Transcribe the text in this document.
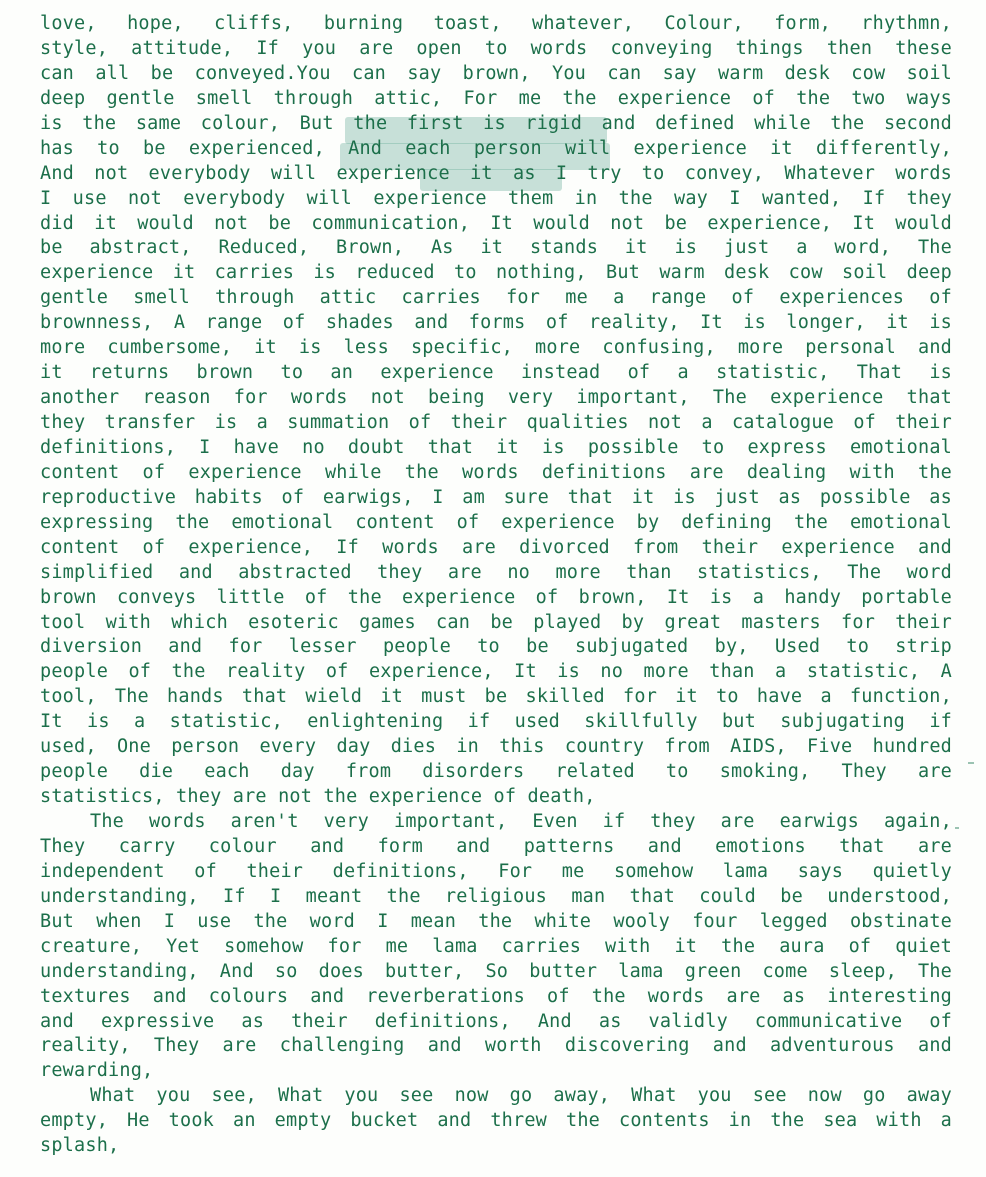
love, hope, cliffs, burning toast, whatever, Colour, form, rhythmn,
style, attitude, If you are open to words conveying things then these
can all be conveyed.You can say brown, You can say warm desk cow soil
deep gentle smell through attic, For me the experience of the two ways
is the same colour, But the first is rigid and defined while the second
has to be experienced, And each person will experience it differently,
And not everybody will experience it as I try to convey, Whatever words
I use not everybody will experience them in the way I wanted, If they
did it would not be communication, It would not be experience, It would
be abstract, Reduced, Brown, As it stands it is just a word, The
experience it carries is reduced to nothing, But warm desk cow soil deep
gentle smell through attic carries for me a range of experiences of
brownness, A range of shades and forms of reality, It is longer, it is
more cumbersome, it is less specific, more confusing, more personal and
it returns brown to an experience instead of a statistic, That is
another reason for words not being very important, The experience that
they transfer is a summation of their qualities not a catalogue of their
definitions, I have no doubt that it is possible to express emotional
content of experience while the words definitions are dealing with the
reproductive habits of earwigs, I am sure that it is just as possible as
expressing the emotional content of experience by defining the emotional
content of experience, If words are divorced from their experience and
simplified and abstracted they are no more than statistics, The word
brown conveys little of the experience of brown, It is a handy portable
tool with which esoteric games can be played by great masters for their
diversion and for lesser people to be subjugated by, Used to strip
people of the reality of experience, It is no more than a statistic, A
tool, The hands that wield it must be skilled for it to have a function,
It is a statistic, enlightening if used skillfully but subjugating if
used, One person every day dies in this country from AIDS, Five hundred
people die each day from disorders related to smoking, They are
statistics, they are not the experience of death,
The words aren't very important, Even if they are earwigs again,
They carry colour and form and patterns and emotions that are
independent of their definitions, For me somehow lama says quietly
understanding, If I meant the religious man that could be understood,
But when I use the word I mean the white wooly four legged obstinate
creature, Yet somehow for me lama carries with it the aura of quiet
understanding, And so does butter, So butter lama green come sleep, The
textures and colours and reverberations of the words are as interesting
and expressive as their definitions, And as validly communicative of
reality, They are challenging and worth discovering and adventurous and
rewarding,
What you see, What you see now go away, What you see now go away
empty, He took an empty bucket and threw the contents in the sea with a
splash,
